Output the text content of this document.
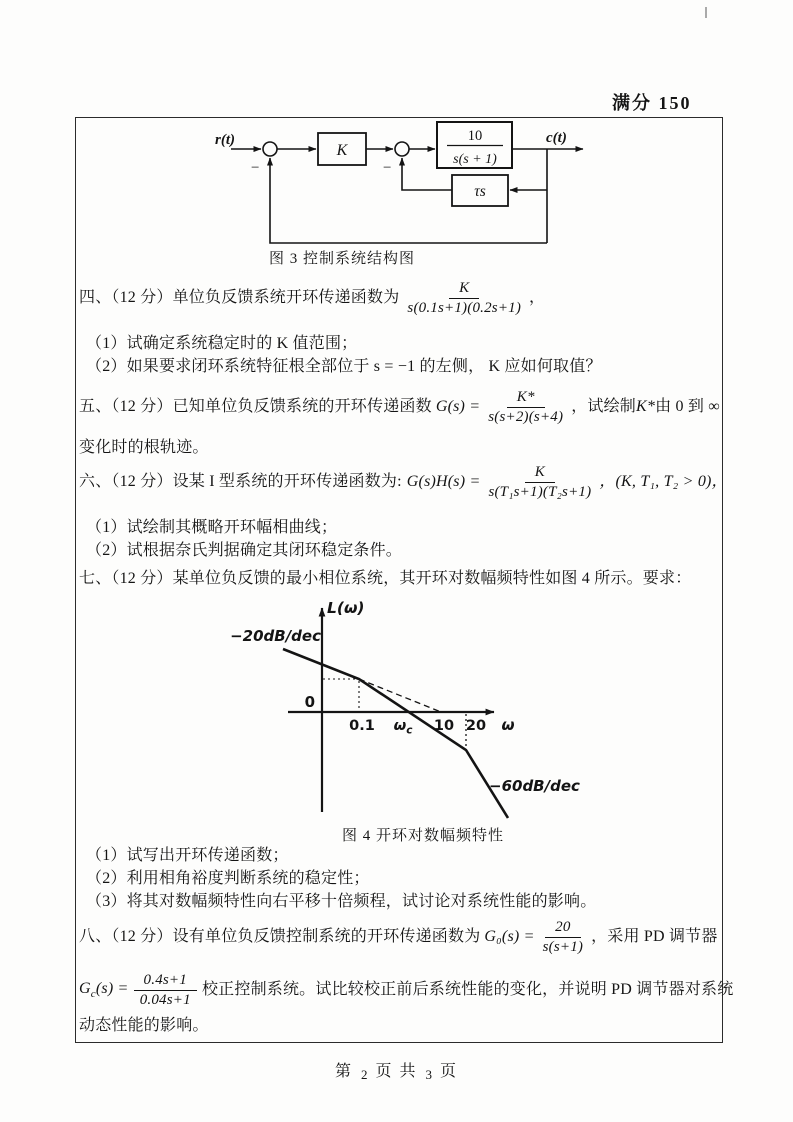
满分 150
r(t)	c(t)
−	−
K
10
s(s + 1)
τs
图 3 控制系统结构图
四、（12 分）单位负反馈系统开环传递函数为 $\frac{K}{s(0.1s+1)(0.2s+1)}$ ，
（1）试确定系统稳定时的 K 值范围；
（2）如果要求闭环系统特征根全部位于 s = −1 的左侧， K 应如何取值？
五、（12 分）已知单位负反馈系统的开环传递函数 $G(s) = \frac{K*}{s(s+2)(s+4)}$ ，试绘制 K* 由 0 到 ∞
变化时的根轨迹。
六、（12 分）设某 I 型系统的开环传递函数为: $G(s)H(s) = \frac{K}{\text{s(T₁s+1)(T₂s+1)}}$ ，(K, T₁, T₂ > 0)，
（1）试绘制其概略开环幅相曲线；
（2）试根据奈氏判据确定其闭环稳定条件。
七、（12 分）某单位负反馈的最小相位系统，其开环对数幅频特性如图 4 所示。要求：
L(ω)
−20dB/dec
0
0.1 $\omega_c$ 10 20 ω
−60dB/dec
图 4 开环对数幅频特性
（1）试写出开环传递函数；
（2）利用相角裕度判断系统的稳定性；
（3）将其对数幅频特性向右平移十倍频程，试讨论对系统性能的影响。
八、（12 分）设有单位负反馈控制系统的开环传递函数为 $G_0(s) = \frac{20}{s(s+1)}$ ，采用 PD 调节器
$G_c(s) = \frac{0.4s+1}{0.04s+1}$ 校正控制系统。试比较校正前后系统性能的变化，并说明 PD 调节器对系统
动态性能的影响。
第 2 页 共 3 页
